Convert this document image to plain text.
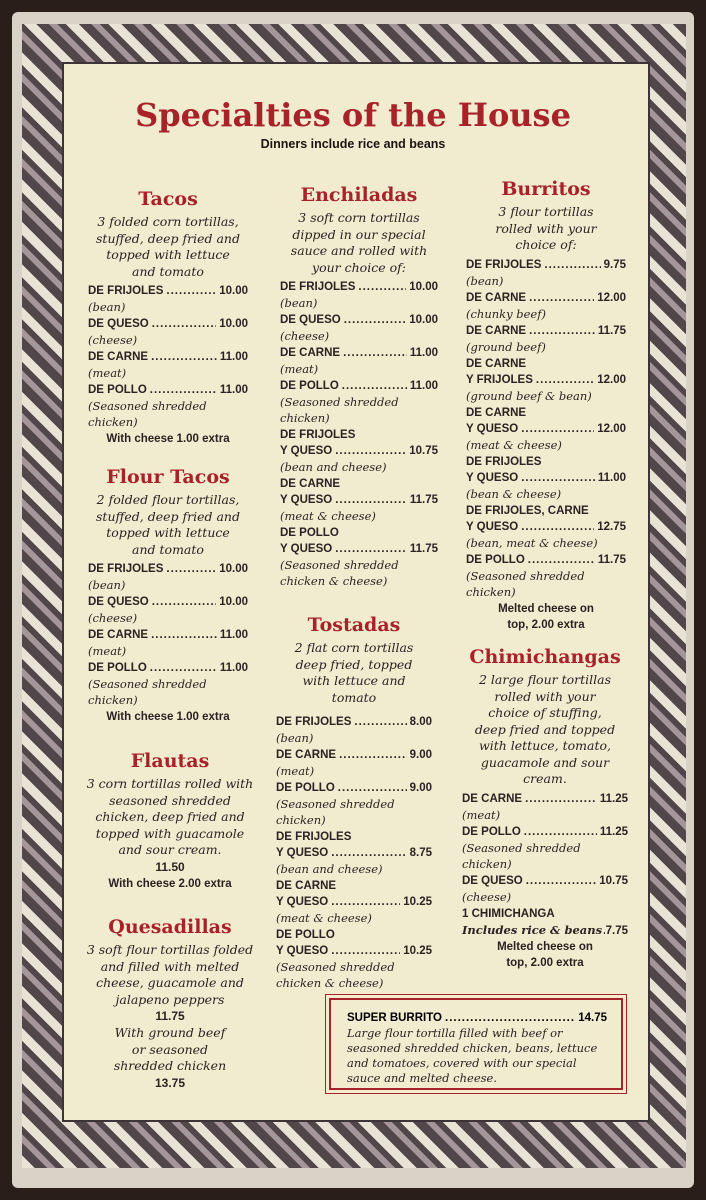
Specialties of the House
Dinners include rice and beans
Tacos
3 folded corn tortillas, stuffed, deep fried and topped with lettuce and tomato
DE FRIJOLES .....	10.00
(bean)
DE QUESO .....	10.00
(cheese)
DE CARNE .....	11.00
(meat)
DE POLLO .....	11.00
(Seasoned shredded chicken)
With cheese 1.00 extra
Flour Tacos
2 folded flour tortillas, stuffed, deep fried and topped with lettuce and tomato
DE FRIJOLES .....	10.00
(bean)
DE QUESO .....	10.00
(cheese)
DE CARNE .....	11.00
(meat)
DE POLLO .....	11.00
(Seasoned shredded chicken)
With cheese 1.00 extra
Flautas
3 corn tortillas rolled with seasoned shredded chicken, deep fried and topped with guacamole and sour cream.
11.50
With cheese 2.00 extra
Quesadillas
3 soft flour tortillas folded and filled with melted cheese, guacamole and jalapeno peppers
11.75
With ground beef or seasoned shredded chicken
13.75
Enchiladas
3 soft corn tortillas dipped in our special sauce and rolled with your choice of:
DE FRIJOLES .....	10.00
(bean)
DE QUESO .....	10.00
(cheese)
DE CARNE .....	11.00
(meat)
DE POLLO .....	11.00
(Seasoned shredded chicken)
DE FRIJOLES
Y QUESO .....	10.75
(bean and cheese)
DE CARNE
Y QUESO .....	11.75
(meat & cheese)
DE POLLO
Y QUESO .....	11.75
(Seasoned shredded chicken & cheese)
Tostadas
2 flat corn tortillas deep fried, topped with lettuce and tomato
DE FRIJOLES .....	8.00
(bean)
DE CARNE .....	9.00
(meat)
DE POLLO .....	9.00
(Seasoned shredded chicken)
DE FRIJOLES
Y QUESO .....	8.75
(bean and cheese)
DE CARNE
Y QUESO .....	10.25
(meat & cheese)
DE POLLO
Y QUESO .....	10.25
(Seasoned shredded chicken & cheese)
Burritos
3 flour tortillas rolled with your choice of:
DE FRIJOLES .....	9.75
(bean)
DE CARNE .....	12.00
(chunky beef)
DE CARNE .....	11.75
(ground beef)
DE CARNE
Y FRIJOLES .....	12.00
(ground beef & bean)
DE CARNE
Y QUESO .....	12.00
(meat & cheese)
DE FRIJOLES
Y QUESO .....	11.00
(bean & cheese)
DE FRIJOLES, CARNE
Y QUESO .....	12.75
(bean, meat & cheese)
DE POLLO .....	11.75
(Seasoned shredded chicken)
Melted cheese on top, 2.00 extra
Chimichangas
2 large flour tortillas rolled with your choice of stuffing, deep fried and topped with lettuce, tomato, guacamole and sour cream.
DE CARNE .....	11.25
(meat)
DE POLLO .....	11.25
(Seasoned shredded chicken)
DE QUESO .....	10.75
(cheese)
1 CHIMICHANGA
Includes rice & beans ..... 7.75
Melted cheese on top, 2.00 extra
SUPER BURRITO .....	14.75
Large flour tortilla filled with beef or seasoned shredded chicken, beans, lettuce and tomatoes, covered with our special sauce and melted cheese.
